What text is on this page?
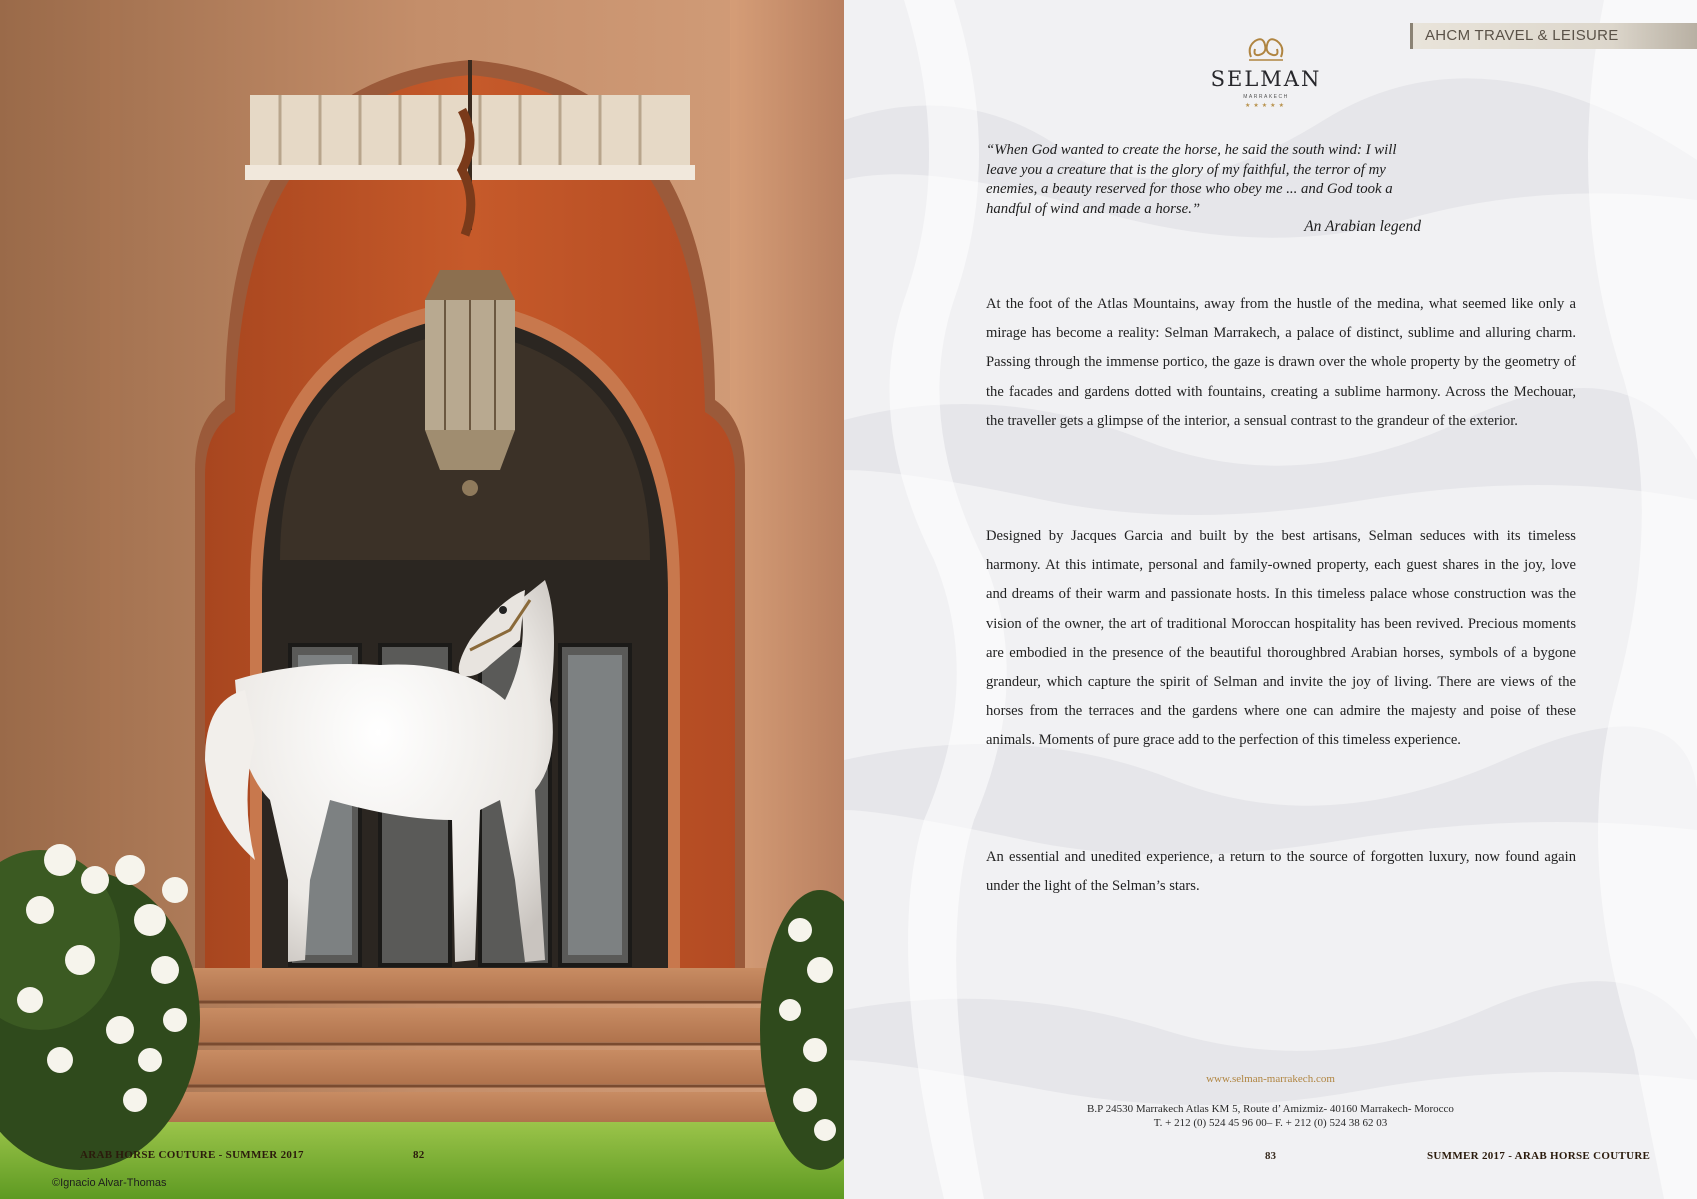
ARAB HORSE COUTURE - SUMMER 2017	82
©Ignacio Alvar-Thomas
AHCM TRAVEL & LEISURE
SELMAN
MARRAKECH
★★★★★

“When God wanted to create the horse, he said the south wind: I will leave you a creature that is the glory of my faithful, the terror of my enemies, a beauty reserved for those who obey me ... and God took a handful of wind and made a horse.”

An Arabian legend

At the foot of the Atlas Mountains, away from the hustle of the medina, what seemed like only a mirage has become a reality: Selman Marrakech, a palace of distinct, sublime and alluring charm. Passing through the immense portico, the gaze is drawn over the whole property by the geometry of the facades and gardens dotted with fountains, creating a sublime harmony. Across the Mechouar, the traveller gets a glimpse of the interior, a sensual contrast to the grandeur of the exterior.

Designed by Jacques Garcia and built by the best artisans, Selman seduces with its timeless harmony. At this intimate, personal and family-owned property, each guest shares in the joy, love and dreams of their warm and passionate hosts. In this timeless palace whose construction was the vision of the owner, the art of traditional Moroccan hospitality has been revived. Precious moments are embodied in the presence of the beautiful thoroughbred Arabian horses, symbols of a bygone grandeur, which capture the spirit of Selman and invite the joy of living. There are views of the horses from the terraces and the gardens where one can admire the majesty and poise of these animals. Moments of pure grace add to the perfection of this timeless experience.

An essential and unedited experience, a return to the source of forgotten luxury, now found again under the light of the Selman’s stars.

www.selman-marrakech.com
B.P 24530 Marrakech Atlas KM 5, Route d’ Amizmiz- 40160 Marrakech- Morocco
T. + 212 (0) 524 45 96 00– F. + 212 (0) 524 38 62 03
83	SUMMER 2017 - ARAB HORSE COUTURE
